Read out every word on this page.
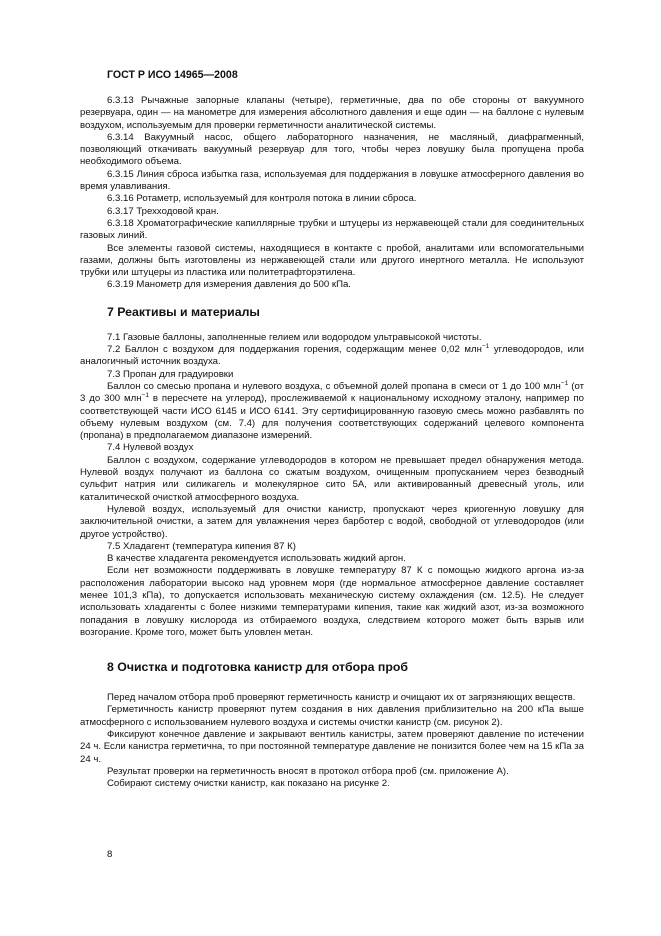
ГОСТ Р ИСО 14965—2008

6.3.13 Рычажные запорные клапаны (четыре), герметичные, два по обе стороны от вакуумного резервуара, один — на манометре для измерения абсолютного давления и еще один — на баллоне с нулевым воздухом, используемым для проверки герметичности аналитической системы.

6.3.14 Вакуумный насос, общего лабораторного назначения, не масляный, диафрагменный, позволяющий откачивать вакуумный резервуар для того, чтобы через ловушку была пропущена проба необходимого объема.

6.3.15 Линия сброса избытка газа, используемая для поддержания в ловушке атмосферного давления во время улавливания.

6.3.16 Ротаметр, используемый для контроля потока в линии сброса.

6.3.17 Трехходовой кран.

6.3.18 Хроматографические капиллярные трубки и штуцеры из нержавеющей стали для соединительных газовых линий.

Все элементы газовой системы, находящиеся в контакте с пробой, аналитами или вспомогательными газами, должны быть изготовлены из нержавеющей стали или другого инертного металла. Не используют трубки или штуцеры из пластика или политетрафторэтилена.

6.3.19 Манометр для измерения давления до 500 кПа.

7 Реактивы и материалы

7.1 Газовые баллоны, заполненные гелием или водородом ультравысокой чистоты.

7.2 Баллон с воздухом для поддержания горения, содержащим менее 0,02 млн$^{-1}$ углеводородов, или аналогичный источник воздуха.

7.3 Пропан для градуировки

Баллон со смесью пропана и нулевого воздуха, с объемной долей пропана в смеси от 1 до 100 млн$^{-1}$ (от 3 до 300 млн$^{-1}$ в пересчете на углерод), прослеживаемой к национальному исходному эталону, например по соответствующей части ИСО 6145 и ИСО 6141. Эту сертифицированную газовую смесь можно разбавлять по объему нулевым воздухом (см. 7.4) для получения соответствующих содержаний целевого компонента (пропана) в предполагаемом диапазоне измерений.

7.4 Нулевой воздух

Баллон с воздухом, содержание углеводородов в котором не превышает предел обнаружения метода. Нулевой воздух получают из баллона со сжатым воздухом, очищенным пропусканием через безводный сульфит натрия или силикагель и молекулярное сито 5А, или активированный древесный уголь, или каталитической очисткой атмосферного воздуха.

Нулевой воздух, используемый для очистки канистр, пропускают через криогенную ловушку для заключительной очистки, а затем для увлажнения через барботер с водой, свободной от углеводородов (или другое устройство).

7.5 Хладагент (температура кипения 87 К)

В качестве хладагента рекомендуется использовать жидкий аргон.

Если нет возможности поддерживать в ловушке температуру 87 К с помощью жидкого аргона из-за расположения лаборатории высоко над уровнем моря (где нормальное атмосферное давление составляет менее 101,3 кПа), то допускается использовать механическую систему охлаждения (см. 12.5). Не следует использовать хладагенты с более низкими температурами кипения, такие как жидкий азот, из-за возможного попадания в ловушку кислорода из отбираемого воздуха, следствием которого может быть взрыв или возгорание. Кроме того, может быть уловлен метан.

8 Очистка и подготовка канистр для отбора проб

Перед началом отбора проб проверяют герметичность канистр и очищают их от загрязняющих веществ.

Герметичность канистр проверяют путем создания в них давления приблизительно на 200 кПа выше атмосферного с использованием нулевого воздуха и системы очистки канистр (см. рисунок 2).

Фиксируют конечное давление и закрывают вентиль канистры, затем проверяют давление по истечении 24 ч. Если канистра герметична, то при постоянной температуре давление не понизится более чем на 15 кПа за 24 ч.

Результат проверки на герметичность вносят в протокол отбора проб (см. приложение А).

Собирают систему очистки канистр, как показано на рисунке 2.

8
